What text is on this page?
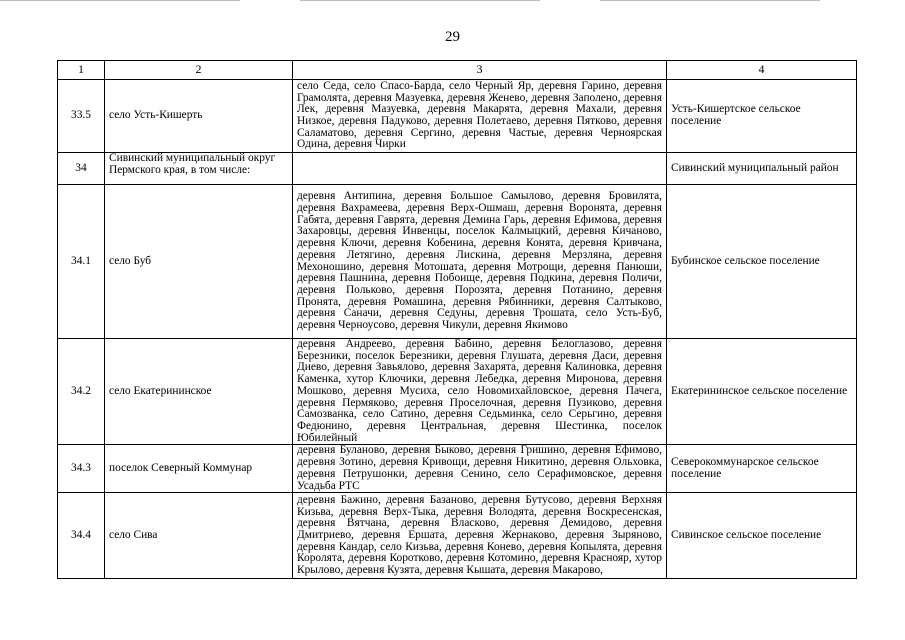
29
1	2	3	4
33.5	село Усть-Кишерть	село Седа, село Спасо-Барда, село Черный Яр, деревня Гарино, деревня Грамолята, деревня Мазуевка, деревня Женево, деревня Заполено, деревня Лек, деревня Мазуевка, деревня Макарята, деревня Махали, деревня Низкое, деревня Падуково, деревня Полетаево, деревня Пятково, деревня Саламатово, деревня Сергино, деревня Частые, деревня Черноярская Одина, деревня Чирки	Усть-Кишертское сельское поселение
34	Сивинский муниципальный округ Пермского края, в том числе:		Сивинский муниципальный район
34.1	село Буб	деревня Антипина, деревня Большое Самылово, деревня Бровилята, деревня Вахрамеева, деревня Верх-Ошмаш, деревня Воронята, деревня Габята, деревня Гаврята, деревня Демина Гарь, деревня Ефимова, деревня Захаровцы, деревня Инвенцы, поселок Калмыцкий, деревня Кичаново, деревня Ключи, деревня Кобенина, деревня Конята, деревня Кривчана, деревня Летягино, деревня Лискина, деревня Мерзляна, деревня Мехоношино, деревня Мотошата, деревня Мотрощи, деревня Панюши, деревня Пашнина, деревня Побоище, деревня Подкина, деревня Поличи, деревня Польково, деревня Порозята, деревня Потанино, деревня Пронята, деревня Ромашина, деревня Рябинники, деревня Салтыково, деревня Саначи, деревня Седуны, деревня Трошата, село Усть-Буб, деревня Черноусово, деревня Чикули, деревня Якимово	Бубинское сельское поселение
34.2	село Екатерининское	деревня Андреево, деревня Бабино, деревня Белоглазово, деревня Березники, поселок Березники, деревня Глушата, деревня Даси, деревня Диево, деревня Завьялово, деревня Захарята, деревня Калиновка, деревня Каменка, хутор Ключики, деревня Лебедка, деревня Миронова, деревня Мошково, деревня Мусиха, село Новомихайловское, деревня Пачега, деревня Пермяково, деревня Проселочная, деревня Пузиково, деревня Самозванка, село Сатино, деревня Седьминка, село Серьгино, деревня Федюнино, деревня Центральная, деревня Шестинка, поселок Юбилейный	Екатерининское сельское поселение
34.3	поселок Северный Коммунар	деревня Буланово, деревня Быково, деревня Гришино, деревня Ефимово, деревня Зотино, деревня Кривощи, деревня Никитино, деревня Ольховка, деревня Петрушонки, деревня Сенино, село Серафимовское, деревня Усадьба РТС	Северокоммунарское сельское поселение
34.4	село Сива	деревня Бажино, деревня Базаново, деревня Бутусово, деревня Верхняя Кизьва, деревня Верх-Тыка, деревня Володята, деревня Воскресенская, деревня Вятчана, деревня Власково, деревня Демидово, деревня Дмитриево, деревня Ершата, деревня Жернаково, деревня Зыряново, деревня Кандар, село Кизьва, деревня Конево, деревня Копылята, деревня Королята, деревня Коротково, деревня Котомино, деревня Краснояр, хутор Крылово, деревня Кузята, деревня Кышата, деревня Макарово,	Сивинское сельское поселение
